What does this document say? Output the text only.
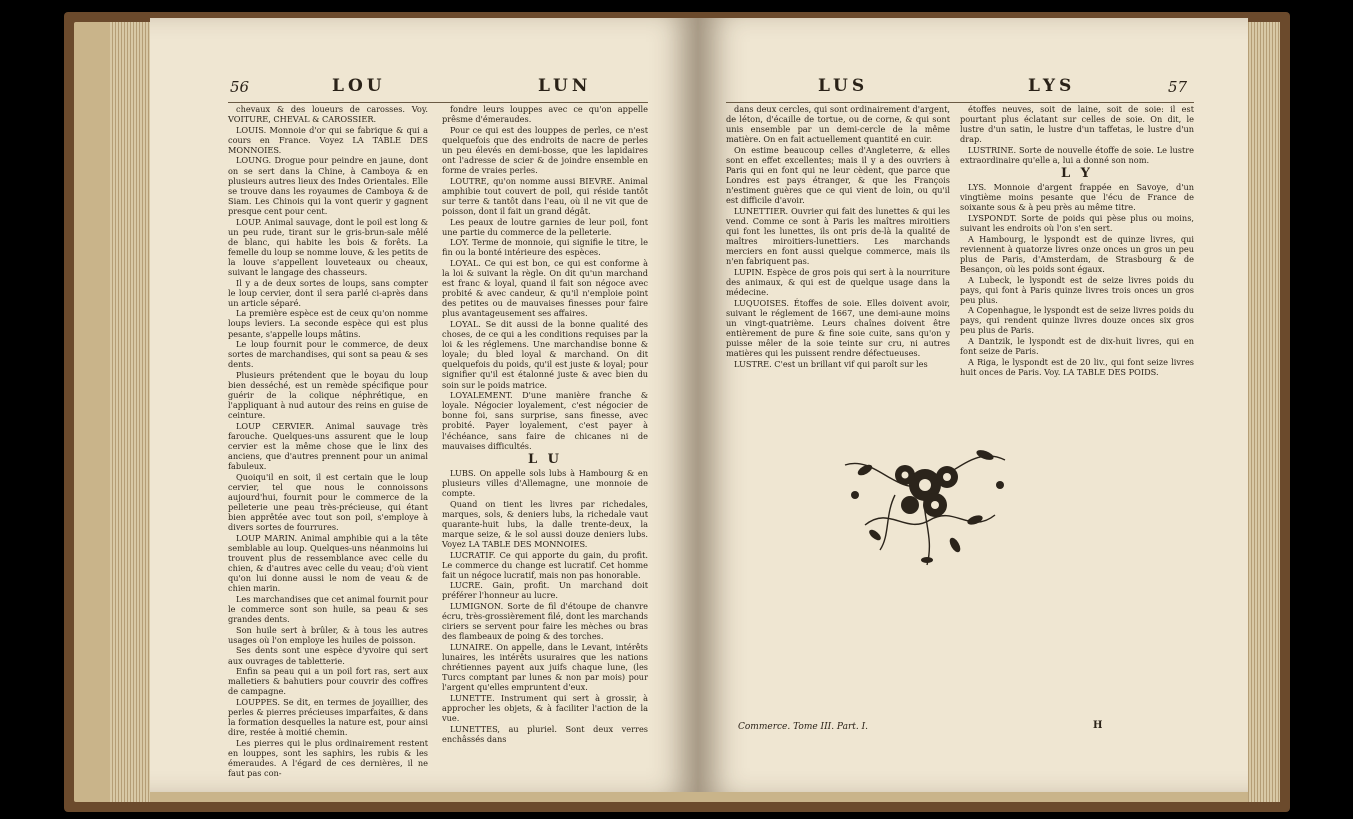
56	LOU	LUN

chevaux & des loueurs de carosses. Voy. VOITURE, CHEVAL & CAROSSIER.

LOUIS. Monnoie d'or qui se fabrique & qui a cours en France. Voyez LA TABLE DES MONNOIES.

LOUNG. Drogue pour peindre en jaune, dont on se sert dans la Chine, à Camboya & en plusieurs autres lieux des Indes Orientales. Elle se trouve dans les royaumes de Camboya & de Siam. Les Chinois qui la vont querir y gagnent presque cent pour cent.

LOUP. Animal sauvage, dont le poil est long & un peu rude, tirant sur le gris-brun-sale mêlé de blanc, qui habite les bois & forêts. La femelle du loup se nomme louve, & les petits de la louve s'appellent louveteaux ou cheaux, suivant le langage des chasseurs.

Il y a de deux sortes de loups, sans compter le loup cervier, dont il sera parlé ci-après dans un article séparé.

La première espèce est de ceux qu'on nomme loups leviers. La seconde espèce qui est plus pesante, s'appelle loups mâtins.

Le loup fournit pour le commerce, de deux sortes de marchandises, qui sont sa peau & ses dents.

Plusieurs prétendent que le boyau du loup bien desséché, est un remède spécifique pour guérir de la colique néphrétique, en l'appliquant à nud autour des reins en guise de ceinture.

LOUP CERVIER. Animal sauvage très farouche. Quelques-uns assurent que le loup cervier est la même chose que le linx des anciens, que d'autres prennent pour un animal fabuleux.

Quoiqu'il en soit, il est certain que le loup cervier, tel que nous le connoissons aujourd'hui, fournit pour le commerce de la pelleterie une peau très-précieuse, qui étant bien apprêtée avec tout son poil, s'employe à divers sortes de fourrures.

LOUP MARIN. Animal amphibie qui a la tête semblable au loup. Quelques-uns néanmoins lui trouvent plus de ressemblance avec celle du chien, & d'autres avec celle du veau; d'où vient qu'on lui donne aussi le nom de veau & de chien marin.

Les marchandises que cet animal fournit pour le commerce sont son huile, sa peau & ses grandes dents.

Son huile sert à brûler, & à tous les autres usages où l'on employe les huiles de poisson.

Ses dents sont une espèce d'yvoire qui sert aux ouvrages de tabletterie.

Enfin sa peau qui a un poil fort ras, sert aux malletiers & bahutiers pour couvrir des coffres de campagne.

LOUPPES. Se dit, en termes de joyaillier, des perles & pierres précieuses imparfaites, & dans la formation desquelles la nature est, pour ainsi dire, restée à moitié chemin.

Les pierres qui le plus ordinairement restent en louppes, sont les saphirs, les rubis & les émeraudes. A l'égard de ces dernières, il ne faut pas con-

fondre leurs louppes avec ce qu'on appelle prêsme d'émeraudes.

Pour ce qui est des louppes de perles, ce n'est quelquefois que des endroits de nacre de perles un peu élevés en demi-bosse, que les lapidaires ont l'adresse de scier & de joindre ensemble en forme de vraies perles.

LOUTRE, qu'on nomme aussi BIEVRE. Animal amphibie tout couvert de poil, qui réside tantôt sur terre & tantôt dans l'eau, où il ne vit que de poisson, dont il fait un grand dégât.

Les peaux de loutre garnies de leur poil, font une partie du commerce de la pelleterie.

LOY. Terme de monnoie, qui signifie le titre, le fin ou la bonté intérieure des espèces.

LOYAL. Ce qui est bon, ce qui est conforme à la loi & suivant la règle. On dit qu'un marchand est franc & loyal, quand il fait son négoce avec probité & avec candeur, & qu'il n'emploie point des petites ou de mauvaises finesses pour faire plus avantageusement ses affaires.

LOYAL. Se dit aussi de la bonne qualité des choses, de ce qui a les conditions requises par la loi & les réglemens. Une marchandise bonne & loyale; du bled loyal & marchand. On dit quelquefois du poids, qu'il est juste & loyal; pour signifier qu'il est étalonné juste & avec bien du soin sur le poids matrice.

LOYALEMENT. D'une manière franche & loyale. Négocier loyalement, c'est négocier de bonne foi, sans surprise, sans finesse, avec probité. Payer loyalement, c'est payer à l'échéance, sans faire de chicanes ni de mauvaises difficultés.

L U

LUBS. On appelle sols lubs à Hambourg & en plusieurs villes d'Allemagne, une monnoie de compte.

Quand on tient les livres par richedales, marques, sols, & deniers lubs, la richedale vaut quarante-huit lubs, la dalle trente-deux, la marque seize, & le sol aussi douze deniers lubs. Voyez LA TABLE DES MONNOIES.

LUCRATIF. Ce qui apporte du gain, du profit. Le commerce du change est lucratif. Cet homme fait un négoce lucratif, mais non pas honorable.

LUCRE. Gain, profit. Un marchand doit préférer l'honneur au lucre.

LUMIGNON. Sorte de fil d'étoupe de chanvre écru, très-grossièrement filé, dont les marchands ciriers se servent pour faire les mèches ou bras des flambeaux de poing & des torches.

LUNAIRE. On appelle, dans le Levant, intérêts lunaires, les intérêts usuraires que les nations chrétiennes payent aux juifs chaque lune, (les Turcs comptant par lunes & non par mois) pour l'argent qu'elles empruntent d'eux.

LUNETTE. Instrument qui sert à grossir, à approcher les objets, & à faciliter l'action de la vue.

LUNETTES, au pluriel. Sont deux verres enchâssés dans

LUS	LYS	57

dans deux cercles, qui sont ordinairement d'argent, de léton, d'écaille de tortue, ou de corne, & qui sont unis ensemble par un demi-cercle de la même matière. On en fait actuellement quantité en cuir.

On estime beaucoup celles d'Angleterre, & elles sont en effet excellentes; mais il y a des ouvriers à Paris qui en font qui ne leur cèdent, que parce que Londres est pays étranger, & que les François n'estiment guères que ce qui vient de loin, ou qu'il est difficile d'avoir.

LUNETTIER. Ouvrier qui fait des lunettes & qui les vend. Comme ce sont à Paris les maîtres miroitiers qui font les lunettes, ils ont pris de-là la qualité de maîtres miroitiers-lunettiers. Les marchands merciers en font aussi quelque commerce, mais ils n'en fabriquent pas.

LUPIN. Espèce de gros pois qui sert à la nourriture des animaux, & qui est de quelque usage dans la médecine.

LUQUOISES. Étoffes de soie. Elles doivent avoir, suivant le réglement de 1667, une demi-aune moins un vingt-quatrième. Leurs chaînes doivent être entièrement de pure & fine soie cuite, sans qu'on y puisse mêler de la soie teinte sur cru, ni autres matières qui les puissent rendre défectueuses.

LUSTRE. C'est un brillant vif qui paroît sur les

étoffes neuves, soit de laine, soit de soie: il est pourtant plus éclatant sur celles de soie. On dit, le lustre d'un satin, le lustre d'un taffetas, le lustre d'un drap.

LUSTRINE. Sorte de nouvelle étoffe de soie. Le lustre extraordinaire qu'elle a, lui a donné son nom.

L Y

LYS. Monnoie d'argent frappée en Savoye, d'un vingtième moins pesante que l'écu de France de soixante sous & à peu près au même titre.

LYSPONDT. Sorte de poids qui pèse plus ou moins, suivant les endroits où l'on s'en sert.

A Hambourg, le lyspondt est de quinze livres, qui reviennent à quatorze livres onze onces un gros un peu plus de Paris, d'Amsterdam, de Strasbourg & de Besançon, où les poids sont égaux.

A Lubeck, le lyspondt est de seize livres poids du pays, qui font à Paris quinze livres trois onces un gros peu plus.

A Copenhague, le lyspondt est de seize livres poids du pays, qui rendent quinze livres douze onces six gros peu plus de Paris.

A Dantzik, le lyspondt est de dix-huit livres, qui en font seize de Paris.

A Riga, le lyspondt est de 20 liv., qui font seize livres huit onces de Paris. Voy. LA TABLE DES POIDS.

Commerce. Tome III. Part. I.	H
